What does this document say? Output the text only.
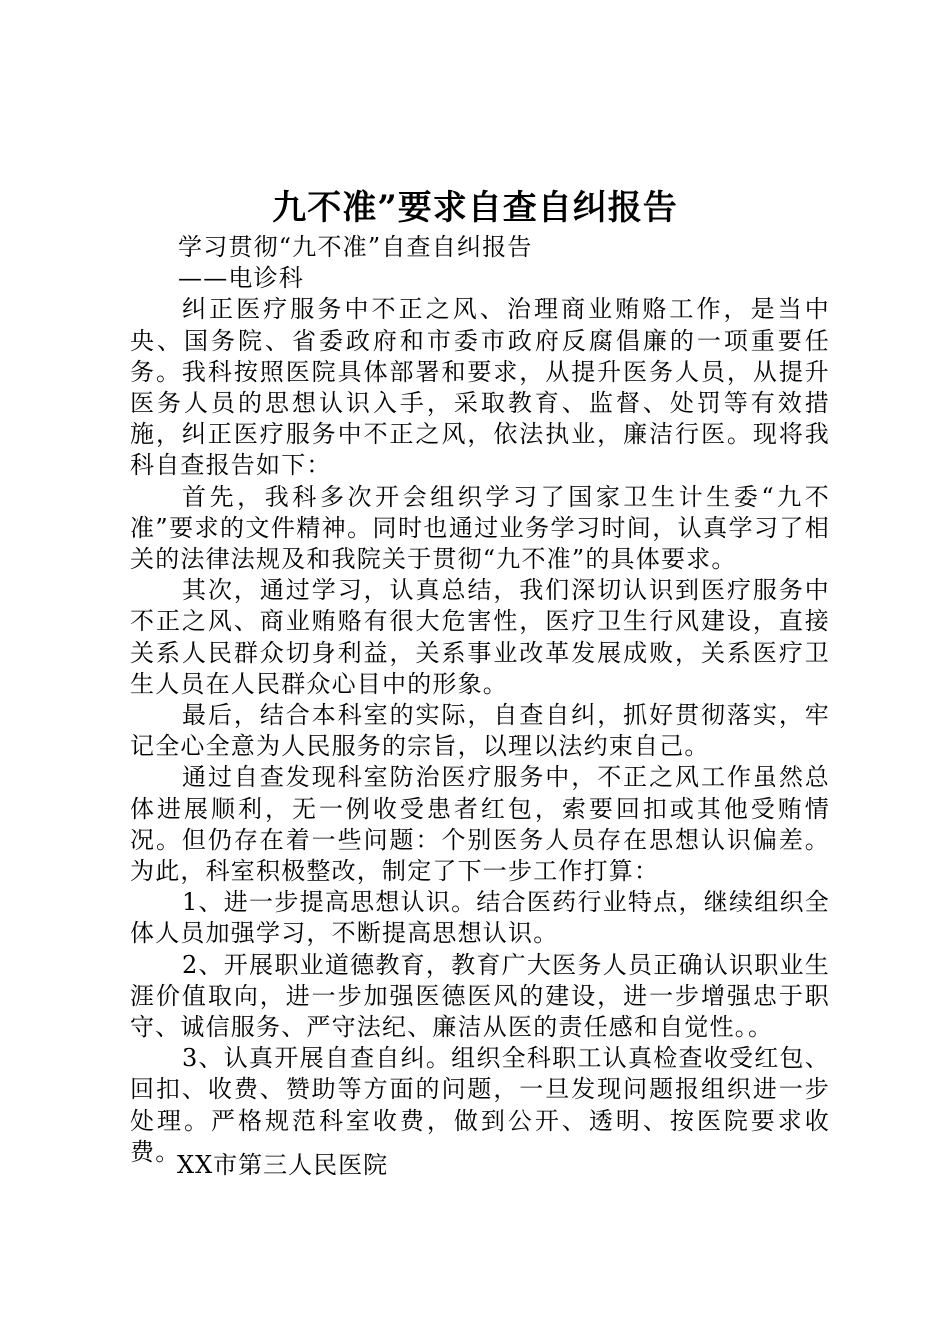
九不准”要求自查自纠报告
学习贯彻“九不准”自查自纠报告
——电诊科

纠正医疗服务中不正之风、治理商业贿赂工作，是当中央、国务院、省委政府和市委市政府反腐倡廉的一项重要任务。我科按照医院具体部署和要求，从提升医务人员，从提升医务人员的思想认识入手，采取教育、监督、处罚等有效措施，纠正医疗服务中不正之风，依法执业，廉洁行医。现将我科自查报告如下：

首先，我科多次开会组织学习了国家卫生计生委“九不准”要求的文件精神。同时也通过业务学习时间，认真学习了相关的法律法规及和我院关于贯彻“九不准”的具体要求。

其次，通过学习，认真总结，我们深切认识到医疗服务中不正之风、商业贿赂有很大危害性，医疗卫生行风建设，直接关系人民群众切身利益，关系事业改革发展成败，关系医疗卫生人员在人民群众心目中的形象。

最后，结合本科室的实际，自查自纠，抓好贯彻落实，牢记全心全意为人民服务的宗旨，以理以法约束自己。

通过自查发现科室防治医疗服务中，不正之风工作虽然总体进展顺利，无一例收受患者红包，索要回扣或其他受贿情况。但仍存在着一些问题：个别医务人员存在思想认识偏差。为此，科室积极整改，制定了下一步工作打算：

1、进一步提高思想认识。结合医药行业特点，继续组织全体人员加强学习，不断提高思想认识。

2、开展职业道德教育，教育广大医务人员正确认识职业生涯价值取向，进一步加强医德医风的建设，进一步增强忠于职守、诚信服务、严守法纪、廉洁从医的责任感和自觉性。。

3、认真开展自查自纠。组织全科职工认真检查收受红包、回扣、收费、赞助等方面的问题，一旦发现问题报组织进一步处理。严格规范科室收费，做到公开、透明、按医院要求收费。

XX市第三人民医院
